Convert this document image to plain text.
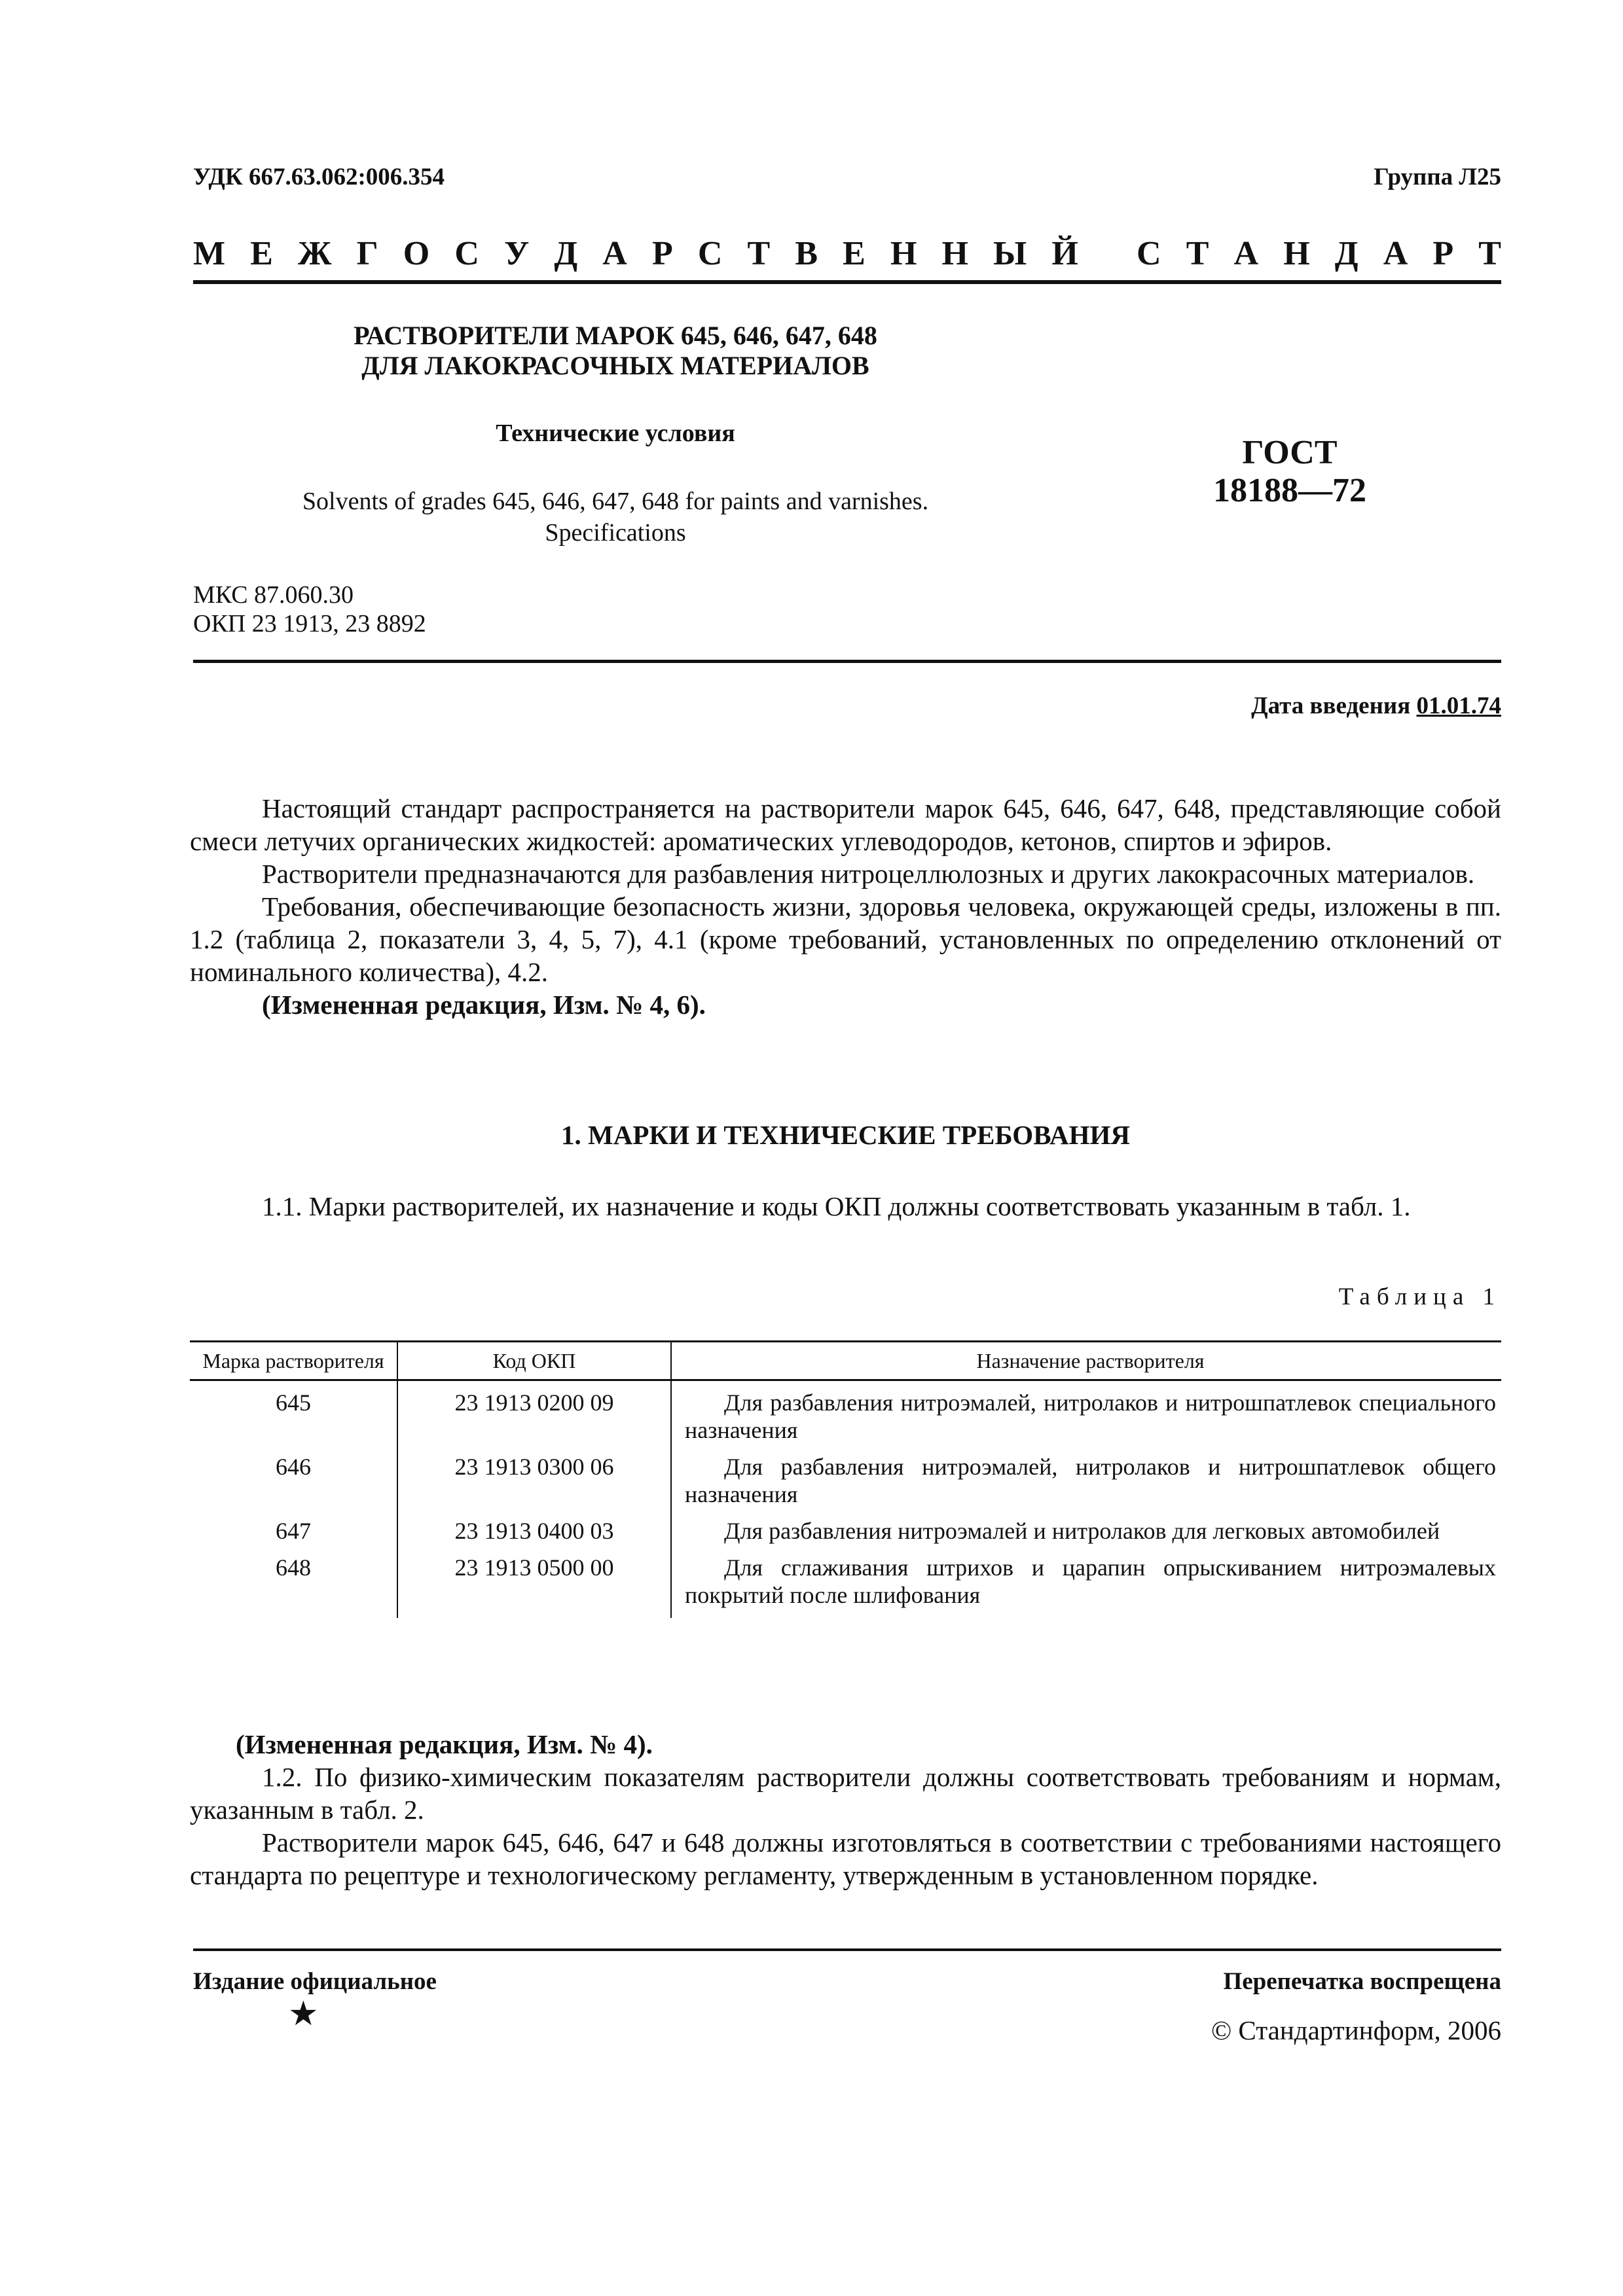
УДК 667.63.062:006.354	Группа Л25
М Е Ж Г О С У Д А Р С Т В Е Н Н Ы Й
С Т А Н Д А Р Т
РАСТВОРИТЕЛИ МАРОК 645, 646, 647, 648
ДЛЯ ЛАКОКРАСОЧНЫХ МАТЕРИАЛОВ
Технические условия
Solvents of grades 645, 646, 647, 648 for paints and varnishes.
Specifications
ГОСТ
18188—72
МКС 87.060.30
ОКП 23 1913, 23 8892
Дата введения 01.01.74

Настоящий стандарт распространяется на растворители марок 645, 646, 647, 648, представляющие собой смеси летучих органических жидкостей: ароматических углеводородов, кетонов, спиртов и эфиров.

Растворители предназначаются для разбавления нитроцеллюлозных и других лакокрасочных материалов.

Требования, обеспечивающие безопасность жизни, здоровья человека, окружающей среды, изложены в пп. 1.2 (таблица 2, показатели 3, 4, 5, 7), 4.1 (кроме требований, установленных по определению отклонений от номинального количества), 4.2.

(Измененная редакция, Изм. № 4, 6).

1. МАРКИ И ТЕХНИЧЕСКИЕ ТРЕБОВАНИЯ

1.1. Марки растворителей, их назначение и коды ОКП должны соответствовать указанным в табл. 1.

Таблица 1
Марка растворителя	Код ОКП	Назначение растворителя
645	23 1913 0200 09	Для разбавления нитроэмалей, нитролаков и нитрошпатлевок специального назначения

646	23 1913 0300 06	Для разбавления нитроэмалей, нитролаков и нитрошпатлевок общего назначения

647	23 1913 0400 03	Для разбавления нитроэмалей и нитролаков для легковых автомобилей

648	23 1913 0500 00	Для сглаживания штрихов и царапин опрыскиванием нитроэмалевых покрытий после шлифования

(Измененная редакция, Изм. № 4).

1.2. По физико-химическим показателям растворители должны соответствовать требованиям и нормам, указанным в табл. 2.

Растворители марок 645, 646, 647 и 648 должны изготовляться в соответствии с требованиями настоящего стандарта по рецептуре и технологическому регламенту, утвержденным в установленном порядке.

Издание официальное	Перепечатка воспрещена
★	© Стандартинформ, 2006
